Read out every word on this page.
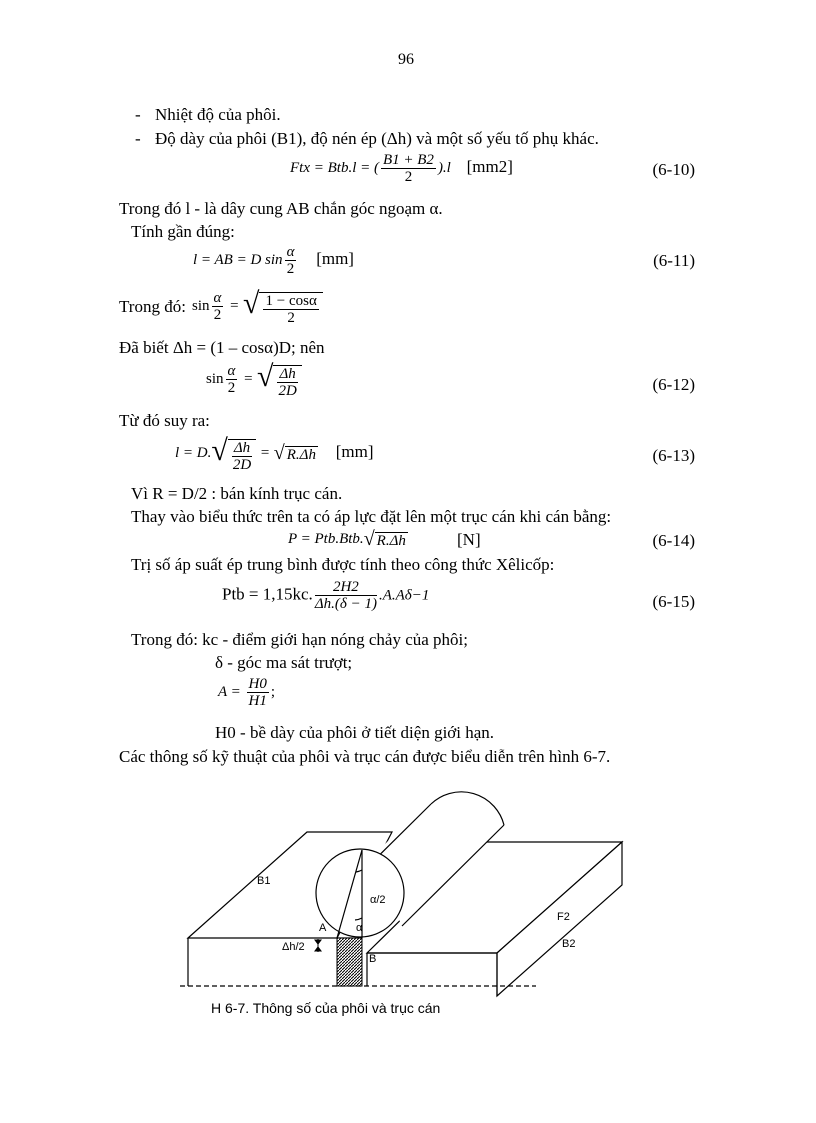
96
- Nhiệt độ của phôi.
- Độ dày của phôi (B1), độ nén ép (Δh) và một số yếu tố phụ khác.
Ftx = Btb.l = ( $\frac{B1 + B2}{2} ).l$ [mm2]	(6-10)
Trong đó l - là dây cung AB chắn góc ngoạm α.
Tính gần đúng:
l = AB = D $\sin \frac{\alpha}{2} [mm]$	(6-11)
Trong đó: $\sin \frac{\alpha}{2}$ = √ $\frac{1 - \cos\alpha}{2}$
Đã biết Δh = (1 – cosα)D; nên
$\sin \frac{\alpha}{2}$ = √ $\frac{\Delta h}{2D}$	(6-12)
Từ đó suy ra:
$l = D.√ \frac{\Delta h}{2D}$ = √ R.Δh [mm]	(6-13)
Vì R = D/2 : bán kính trục cán.
Thay vào biểu thức trên ta có áp lực đặt lên một trục cán khi cán bằng:
P = Ptb.Btb.√ R.Δh	[N]	(6-14)
Trị số áp suất ép trung bình được tính theo công thức Xêlicốp:
Ptb = 1,15kc. $\frac{2H2}{\Delta h.(\delta - 1)} .A.A\delta-1$	(6-15)
Trong đó: kc - điểm giới hạn nóng chảy của phôi;
δ - góc ma sát trượt;
$A = \frac{H0}{H1}$ ;
H0 - bề dày của phôi ở tiết diện giới hạn.
Các thông số kỹ thuật của phôi và trục cán được biểu diễn trên hình 6-7.
B1
α/2
A	α
Δh/2
B
F2
B2
H 6-7. Thông số của phôi và trục cán
